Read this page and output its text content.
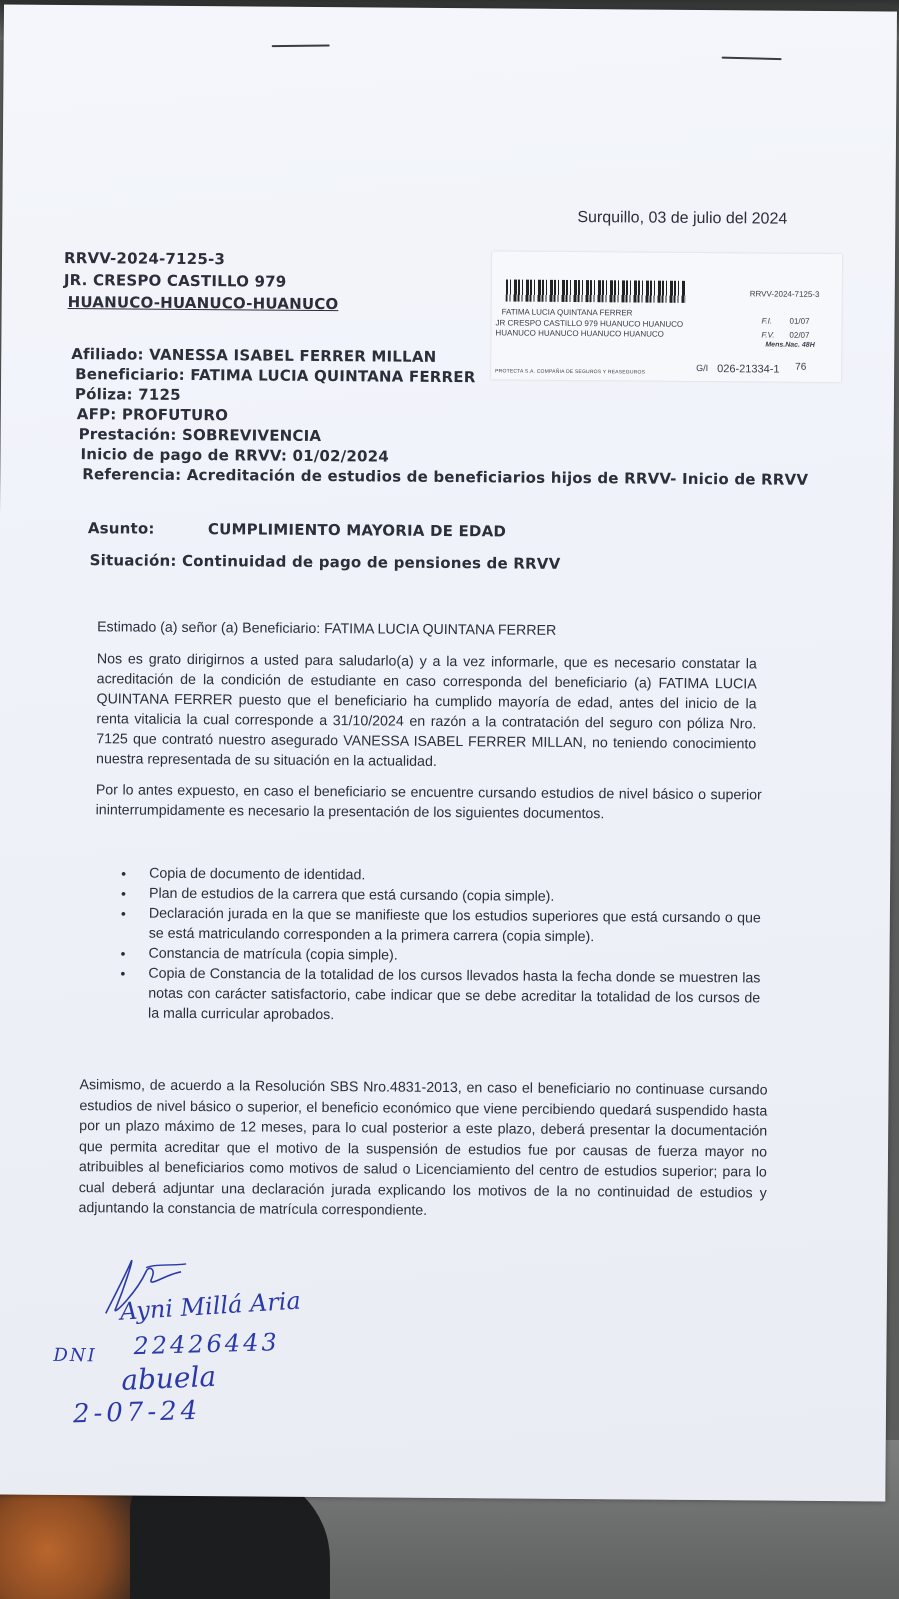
Surquillo, 03 de julio del 2024
RRVV-2024-7125-3
JR. CRESPO CASTILLO 979
HUANUCO-HUANUCO-HUANUCO	RRVV-2024-7125-3
FATIMA LUCIA QUINTANA FERRER
JR CRESPO CASTILLO 979 HUANUCO HUANUCO
HUANUCO HUANUCO HUANUCO HUANUCO
F.I. 01/07
F.V. 02/07
Mens.Nac. 48H
PROTECTA S.A. COMPAÑIA DE SEGUROS Y REASEGUROS	G/I 026-21334-1 76
Afiliado: VANESSA ISABEL FERRER MILLAN
Beneficiario: FATIMA LUCIA QUINTANA FERRER
Póliza: 7125
AFP: PROFUTURO
Prestación: SOBREVIVENCIA
Inicio de pago de RRVV: 01/02/2024
Referencia: Acreditación de estudios de beneficiarios hijos de RRVV- Inicio de RRVV
Asunto:	CUMPLIMIENTO MAYORIA DE EDAD
Situación: Continuidad de pago de pensiones de RRVV
Estimado (a) señor (a) Beneficiario: FATIMA LUCIA QUINTANA FERRER
Nos es grato dirigirnos a usted para saludarlo(a) y a la vez informarle, que es necesario constatar la acreditación de la condición de estudiante en caso corresponda del beneficiario (a) FATIMA LUCIA QUINTANA FERRER puesto que el beneficiario ha cumplido mayoría de edad, antes del inicio de la renta vitalicia la cual corresponde a 31/10/2024 en razón a la contratación del seguro con póliza Nro. 7125 que contrató nuestro asegurado VANESSA ISABEL FERRER MILLAN, no teniendo conocimiento nuestra representada de su situación en la actualidad.
Por lo antes expuesto, en caso el beneficiario se encuentre cursando estudios de nivel básico o superior ininterrumpidamente es necesario la presentación de los siguientes documentos.
• Copia de documento de identidad.
• Plan de estudios de la carrera que está cursando (copia simple).
• Declaración jurada en la que se manifieste que los estudios superiores que está cursando o que se está matriculando corresponden a la primera carrera (copia simple).
• Constancia de matrícula (copia simple).
• Copia de Constancia de la totalidad de los cursos llevados hasta la fecha donde se muestren las notas con carácter satisfactorio, cabe indicar que se debe acreditar la totalidad de los cursos de la malla curricular aprobados.
Asimismo, de acuerdo a la Resolución SBS Nro.4831-2013, en caso el beneficiario no continuase cursando estudios de nivel básico o superior, el beneficio económico que viene percibiendo quedará suspendido hasta por un plazo máximo de 12 meses, para lo cual posterior a este plazo, deberá presentar la documentación que permita acreditar que el motivo de la suspensión de estudios fue por causas de fuerza mayor no atribuibles al beneficiarios como motivos de salud o Licenciamiento del centro de estudios superior; para lo cual deberá adjuntar una declaración jurada explicando los motivos de la no continuidad de estudios y adjuntando la constancia de matrícula correspondiente.
Ayni Millá Aria
DNI 22426443
abuela
2-07-24
